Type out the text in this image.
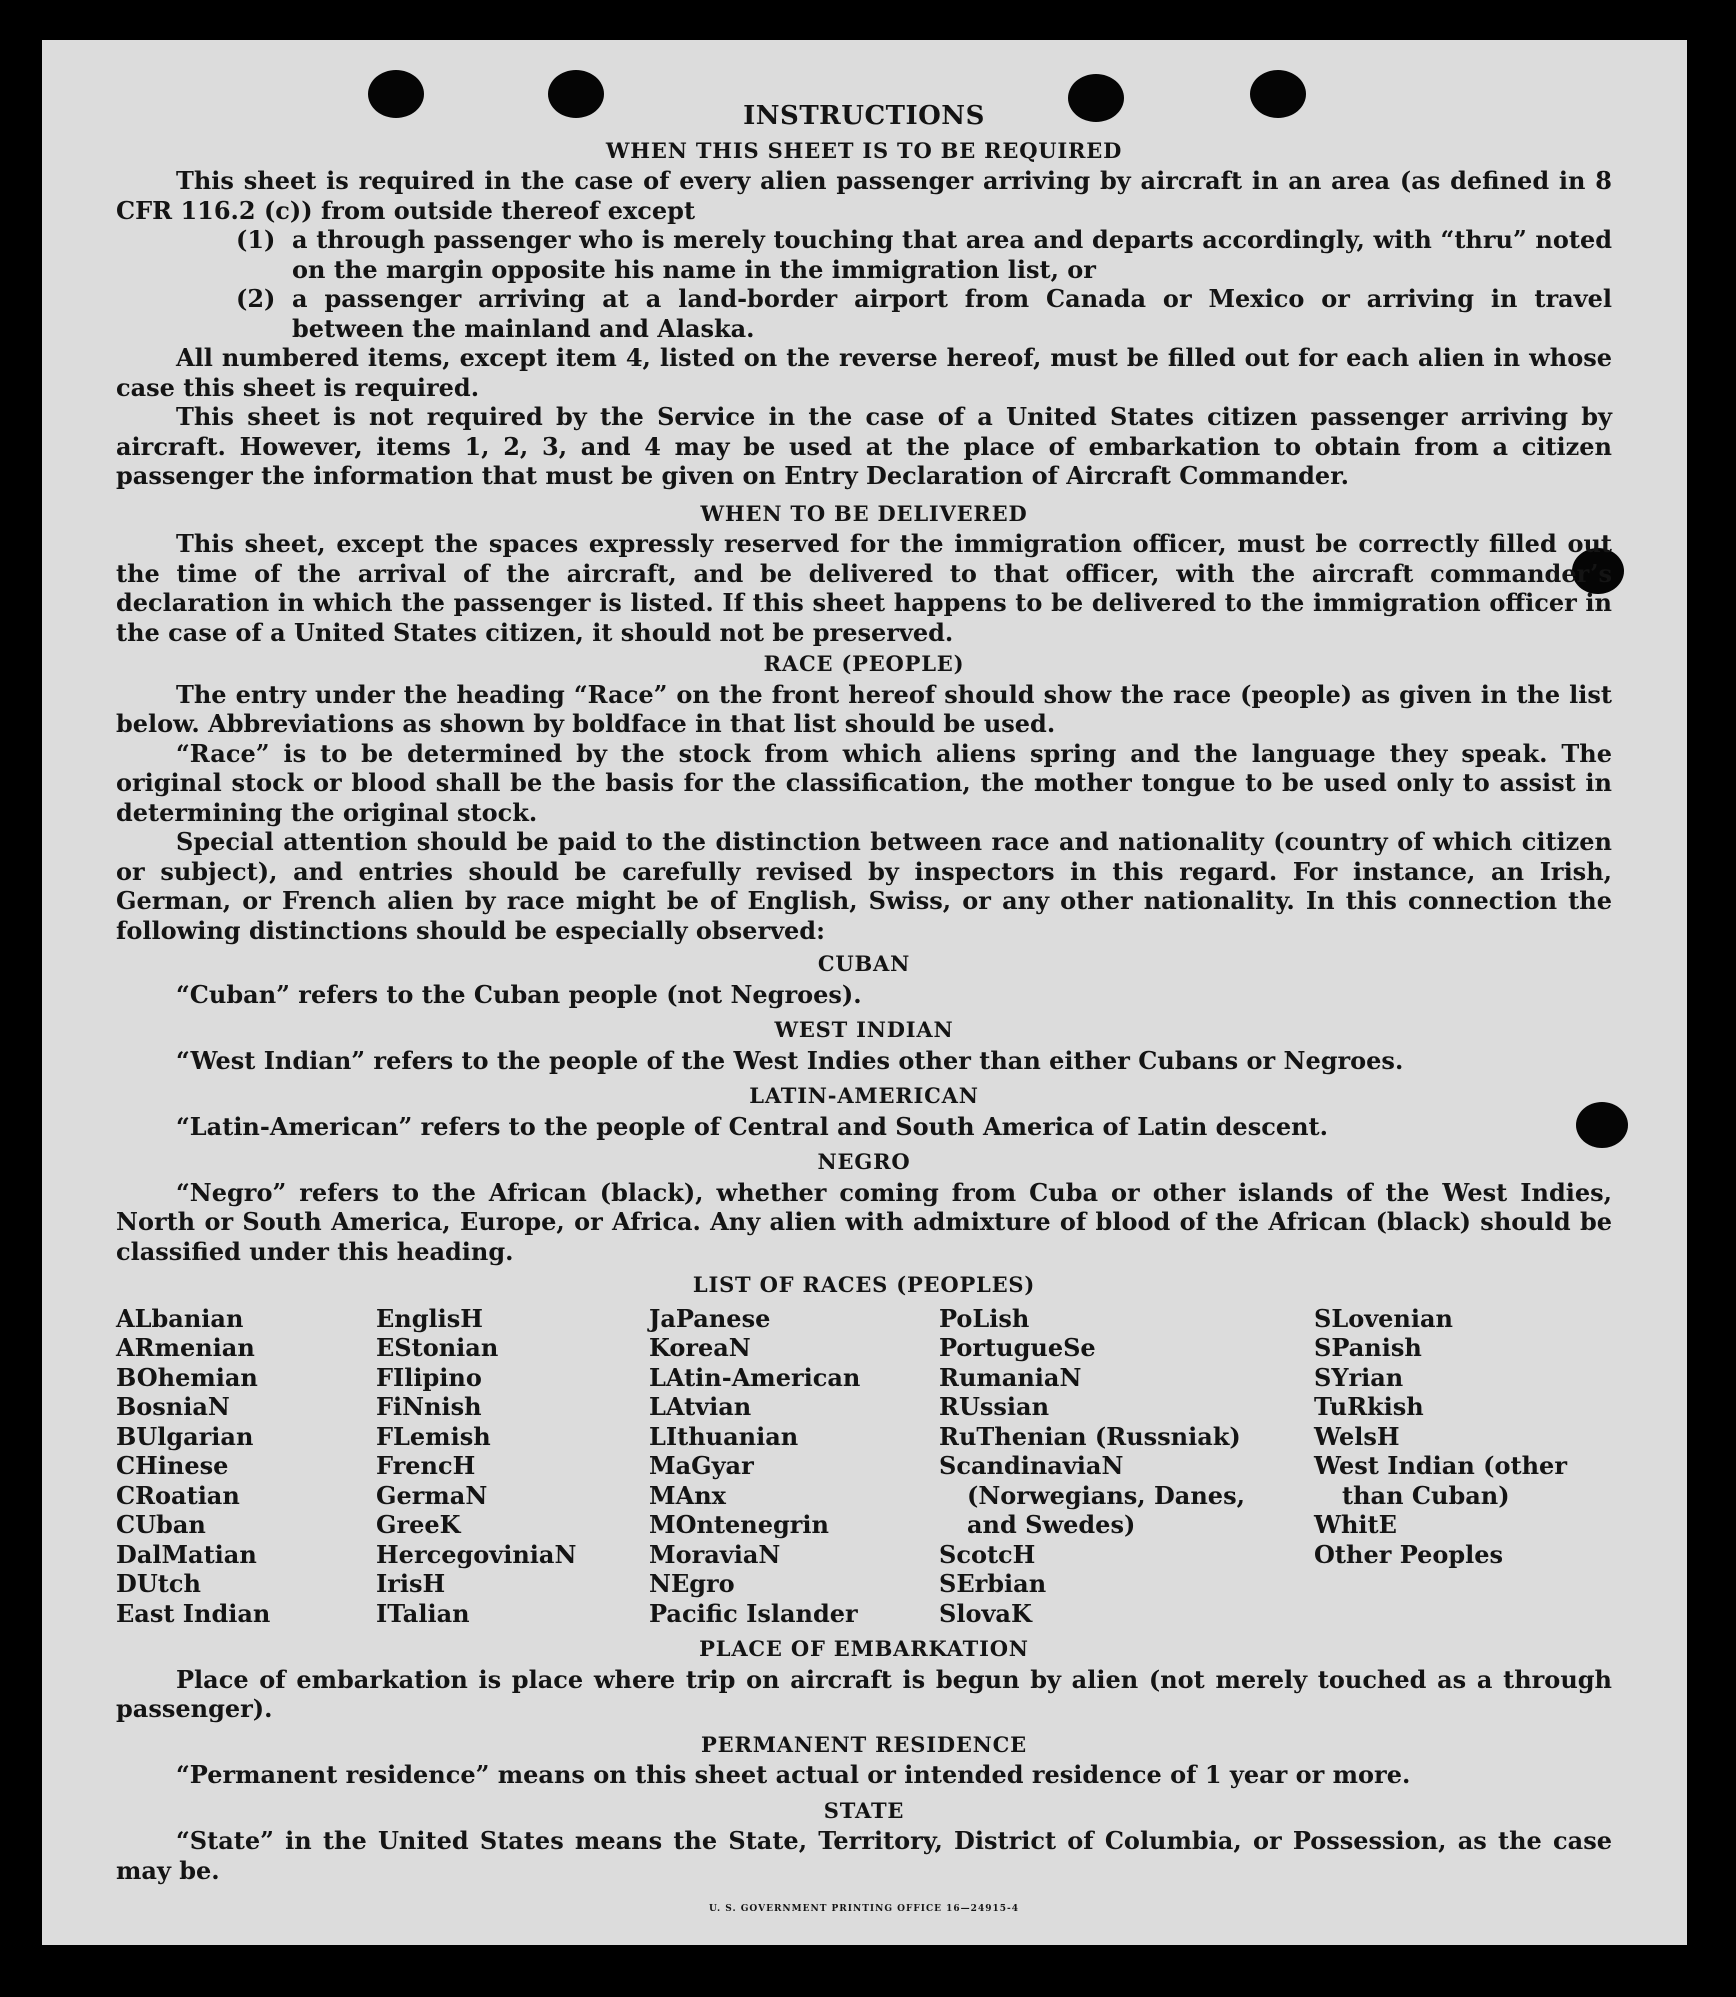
INSTRUCTIONS
WHEN THIS SHEET IS TO BE REQUIRED

This sheet is required in the case of every alien passenger arriving by aircraft in an area (as defined in 8 CFR 116.2 (c)) from outside thereof except

(1) a through passenger who is merely touching that area and departs accordingly, with “thru” noted on the margin opposite his name in the immigration list, or
(2) a passenger arriving at a land-border airport from Canada or Mexico or arriving in travel between the mainland and Alaska.

All numbered items, except item 4, listed on the reverse hereof, must be filled out for each alien in whose case this sheet is required.

This sheet is not required by the Service in the case of a United States citizen passenger arriving by aircraft. However, items 1, 2, 3, and 4 may be used at the place of embarkation to obtain from a citizen passenger the information that must be given on Entry Declaration of Aircraft Commander.

WHEN TO BE DELIVERED

This sheet, except the spaces expressly reserved for the immigration officer, must be correctly filled out the time of the arrival of the aircraft, and be delivered to that officer, with the aircraft commander’s declaration in which the passenger is listed. If this sheet happens to be delivered to the immigration officer in the case of a United States citizen, it should not be preserved.

RACE (PEOPLE)

The entry under the heading “Race” on the front hereof should show the race (people) as given in the list below. Abbreviations as shown by boldface in that list should be used.

“Race” is to be determined by the stock from which aliens spring and the language they speak. The original stock or blood shall be the basis for the classification, the mother tongue to be used only to assist in determining the original stock.

Special attention should be paid to the distinction between race and nationality (country of which citizen or subject), and entries should be carefully revised by inspectors in this regard. For instance, an Irish, German, or French alien by race might be of English, Swiss, or any other nationality. In this connection the following distinctions should be especially observed:

CUBAN

“Cuban” refers to the Cuban people (not Negroes).

WEST INDIAN

“West Indian” refers to the people of the West Indies other than either Cubans or Negroes.

LATIN-AMERICAN

“Latin-American” refers to the people of Central and South America of Latin descent.

NEGRO

“Negro” refers to the African (black), whether coming from Cuba or other islands of the West Indies, North or South America, Europe, or Africa. Any alien with admixture of blood of the African (black) should be classified under this heading.

LIST OF RACES (PEOPLES)
ALbanian
ARmenian
BOhemian
BosniaN
BUlgarian
CHinese
CRoatian
CUban
DalMatian
DUtch
East Indian
EnglisH
EStonian
FIlipino
FiNnish
FLemish
FrencH
GermaN
GreeK
HercegoviniaN
IrisH
ITalian
JaPanese
KoreaN
LAtin-American
LAtvian
LIthuanian
MaGyar
MAnx
MOntenegrin
MoraviaN
NEgro
Pacific Islander
PoLish
PortugueSe
RumaniaN
RUssian
RuThenian (Russniak)
ScandinaviaN (Norwegians, Danes, and Swedes)
ScotcH
SErbian
SlovaK
SLovenian
SPanish
SYrian
TuRkish
WelsH
West Indian (other than Cuban)
WhitE
Other Peoples
PLACE OF EMBARKATION

Place of embarkation is place where trip on aircraft is begun by alien (not merely touched as a through passenger).

PERMANENT RESIDENCE

“Permanent residence” means on this sheet actual or intended residence of 1 year or more.

STATE

“State” in the United States means the State, Territory, District of Columbia, or Possession, as the case may be.

U. S. GOVERNMENT PRINTING OFFICE 16—24915-4
